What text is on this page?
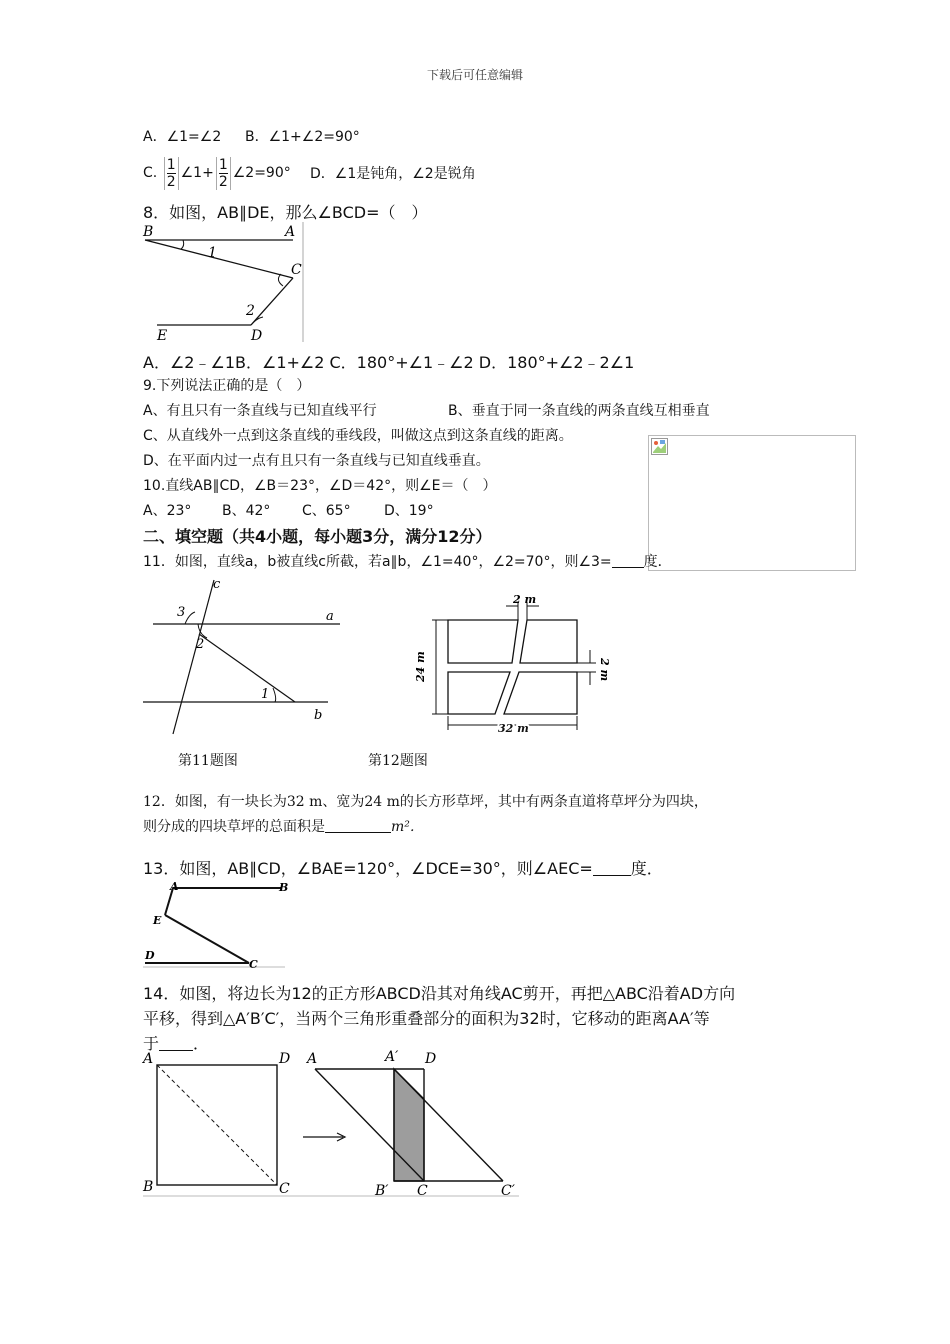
下载后可任意编辑
A．∠1=∠2 B．∠1+∠2=90°
C. $\frac{1}{2}$ ∠1+ $\frac{1}{2}$ ∠2=90° D．∠1是钝角，∠2是锐角
8．如图，AB∥DE，那么∠BCD=（　）
B	A
C
E	D
1
2
A．∠2﹣∠1B．∠1+∠2 C．180°+∠1﹣∠2 D．180°+∠2﹣2∠1
9.下列说法正确的是（　）
A、有且只有一条直线与已知直线平行	B、垂直于同一条直线的两条直线互相垂直
C、从直线外一点到这条直线的垂线段，叫做这点到这条直线的距离。
D、在平面内过一点有且只有一条直线与已知直线垂直。
10.直线AB∥CD，∠B＝23°，∠D＝42°，则∠E＝（　）
A、23° B、42° C、65° D、19°
二、填空题（共4小题，每小题3分，满分12分）
11．如图，直线a，b被直线c所截，若a∥b，∠1=40°，∠2=70°，则∠3= 度．
c
a
b
3
2
1
2 m
2 m
24 m
32 m
第11题图	第12题图
12．如图，有一块长为32 m、宽为24 m的长方形草坪，其中有两条直道将草坪分为四块，
则分成的四块草坪的总面积是	m²．
13．如图，AB∥CD，∠BAE=120°，∠DCE=30°，则∠AEC= 度．
A	B
E
D
C
14．如图，将边长为12的正方形ABCD沿其对角线AC剪开，再把△ABC沿着AD方向
平移，得到△A′B′C′，当两个三角形重叠部分的面积为32时，它移动的距离AA′等
于 ．
A	D
B	C
A	A′ D
B′ C	C′
